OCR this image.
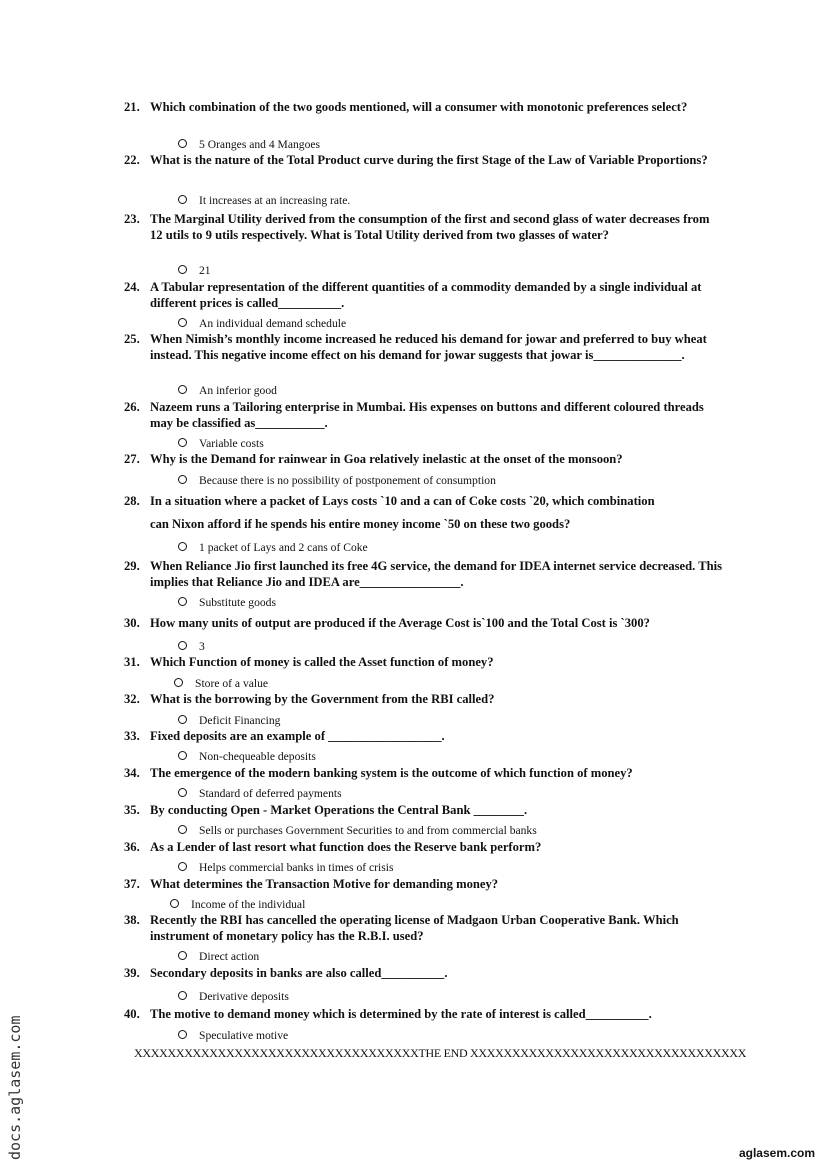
21. Which combination of the two goods mentioned, will a consumer with monotonic preferences select?
5 Oranges and 4 Mangoes
22. What is the nature of the Total Product curve during the first Stage of the Law of Variable Proportions?
It increases at an increasing rate.
23. The Marginal Utility derived from the consumption of the first and second glass of water decreases from 12 utils to 9 utils respectively. What is Total Utility derived from two glasses of water?
21
24. A Tabular representation of the different quantities of a commodity demanded by a single individual at different prices is called__________.
An individual demand schedule
25. When Nimish’s monthly income increased he reduced his demand for jowar and preferred to buy wheat instead. This negative income effect on his demand for jowar suggests that jowar is______________.
An inferior good
26. Nazeem runs a Tailoring enterprise in Mumbai. His expenses on buttons and different coloured threads may be classified as___________.
Variable costs
27. Why is the Demand for rainwear in Goa relatively inelastic at the onset of the monsoon?
Because there is no possibility of postponement of consumption
28. In a situation where a packet of Lays costs `10 and a can of Coke costs `20, which combination
can Nixon afford if he spends his entire money income `50 on these two goods?
1 packet of Lays and 2 cans of Coke
29. When Reliance Jio first launched its free 4G service, the demand for IDEA internet service decreased. This implies that Reliance Jio and IDEA are________________.
Substitute goods
30. How many units of output are produced if the Average Cost is`100 and the Total Cost is `300?
3
31. Which Function of money is called the Asset function of money?
Store of a value
32. What is the borrowing by the Government from the RBI called?
Deficit Financing
33. Fixed deposits are an example of __________________.
Non-chequeable deposits
34. The emergence of the modern banking system is the outcome of which function of money?
Standard of deferred payments
35. By conducting Open - Market Operations the Central Bank ________.
Sells or purchases Government Securities to and from commercial banks
36. As a Lender of last resort what function does the Reserve bank perform?
Helps commercial banks in times of crisis
37. What determines the Transaction Motive for demanding money?
Income of the individual
38. Recently the RBI has cancelled the operating license of Madgaon Urban Cooperative Bank. Which instrument of monetary policy has the R.B.I. used?
Direct action
39. Secondary deposits in banks are also called__________.
Derivative deposits
40. The motive to demand money which is determined by the rate of interest is called__________.
Speculative motive
XXXXXXXXXXXXXXXXXXXXXXXXXXXXXXXXXXTHE END XXXXXXXXXXXXXXXXXXXXXXXXXXXXXXXXX
docs.aglasem.com	aglasem.com
